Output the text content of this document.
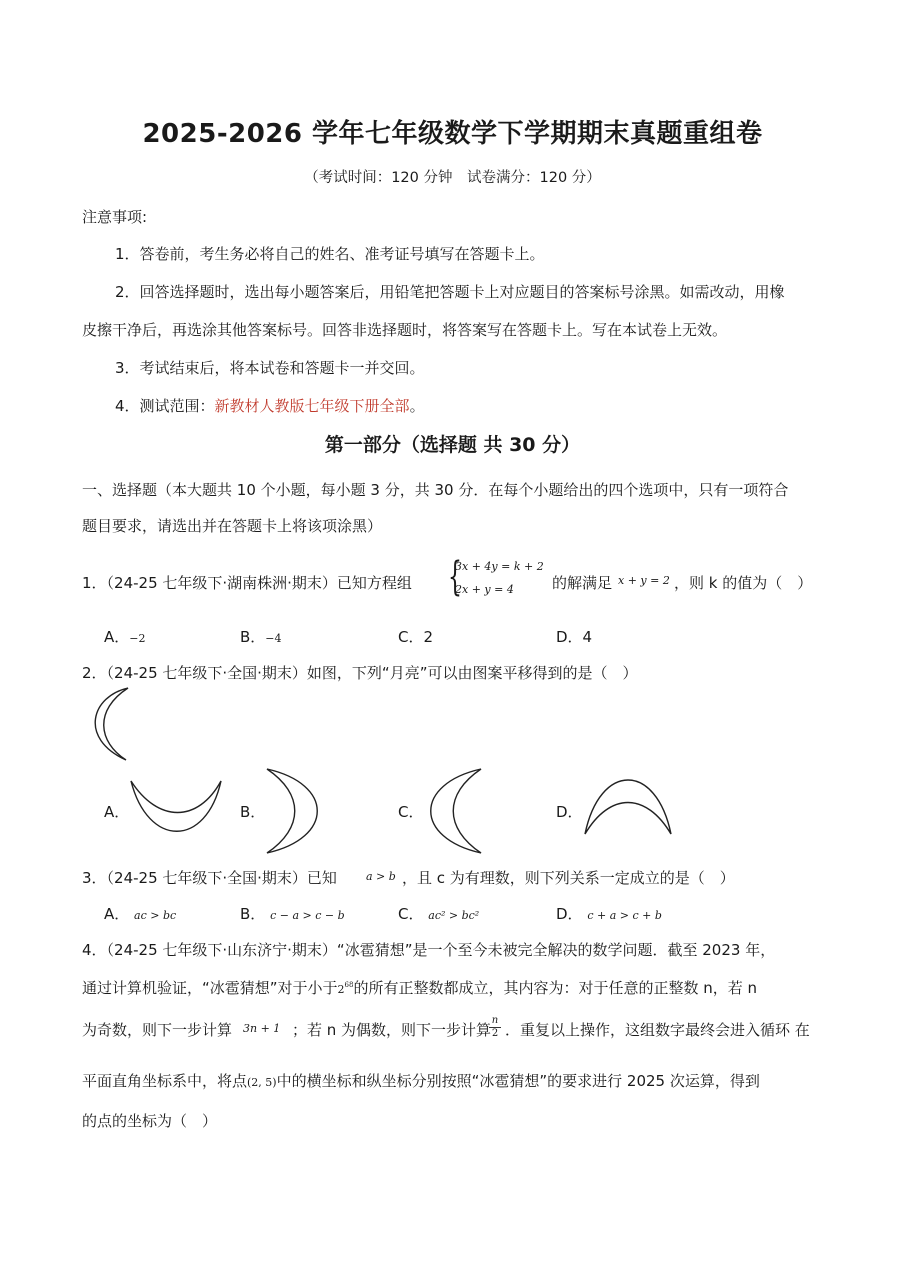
2025-2026 学年七年级数学下学期期末真题重组卷
（考试时间：120 分钟　试卷满分：120 分）
注意事项:
1．答卷前，考生务必将自己的姓名、准考证号填写在答题卡上。
2．回答选择题时，选出每小题答案后，用铅笔把答题卡上对应题目的答案标号涂黑。如需改动，用橡
皮擦干净后，再选涂其他答案标号。回答非选择题时，将答案写在答题卡上。写在本试卷上无效。
3．考试结束后，将本试卷和答题卡一并交回。
4．测试范围：新教材人教版七年级下册全部。
第一部分（选择题 共 30 分）
一、选择题（本大题共 10 个小题，每小题 3 分，共 30 分．在每个小题给出的四个选项中，只有一项符合
题目要求，请选出并在答题卡上将该项涂黑）
1．（24-25 七年级下·湖南株洲·期末）已知方程组 {
3x + 4y = k + 2
2x + y = 4	的解满足 x + y = 2 ，则 k 的值为（　）
A．−2	B．−4	C．2	D．4
2．（24-25 七年级下·全国·期末）如图，下列“月亮”可以由图案平移得到的是（　）
A．	B．	C．	D．
3．（24-25 七年级下·全国·期末）已知	a > b ，且 c 为有理数，则下列关系一定成立的是（　）
A． ac > bc	B． c − a > c − b	C． ac² > bc²	D． c + a > c + b
4．（24-25 七年级下·山东济宁·期末）“冰雹猜想”是一个至今未被完全解决的数学问题．截至 2023 年，
通过计算机验证，“冰雹猜想”对于小于$2^{68}$的所有正整数都成立，其内容为：对于任意的正整数 n，若 n
为奇数，则下一步计算 3n + 1 ；若 n 为偶数，则下一步计算
$\frac{n}{2}$ ．重复以上操作，这组数字最终会进入循环 在
平面直角坐标系中，将点(2, 5)中的横坐标和纵坐标分别按照“冰雹猜想”的要求进行 2025 次运算，得到
的点的坐标为（　）
